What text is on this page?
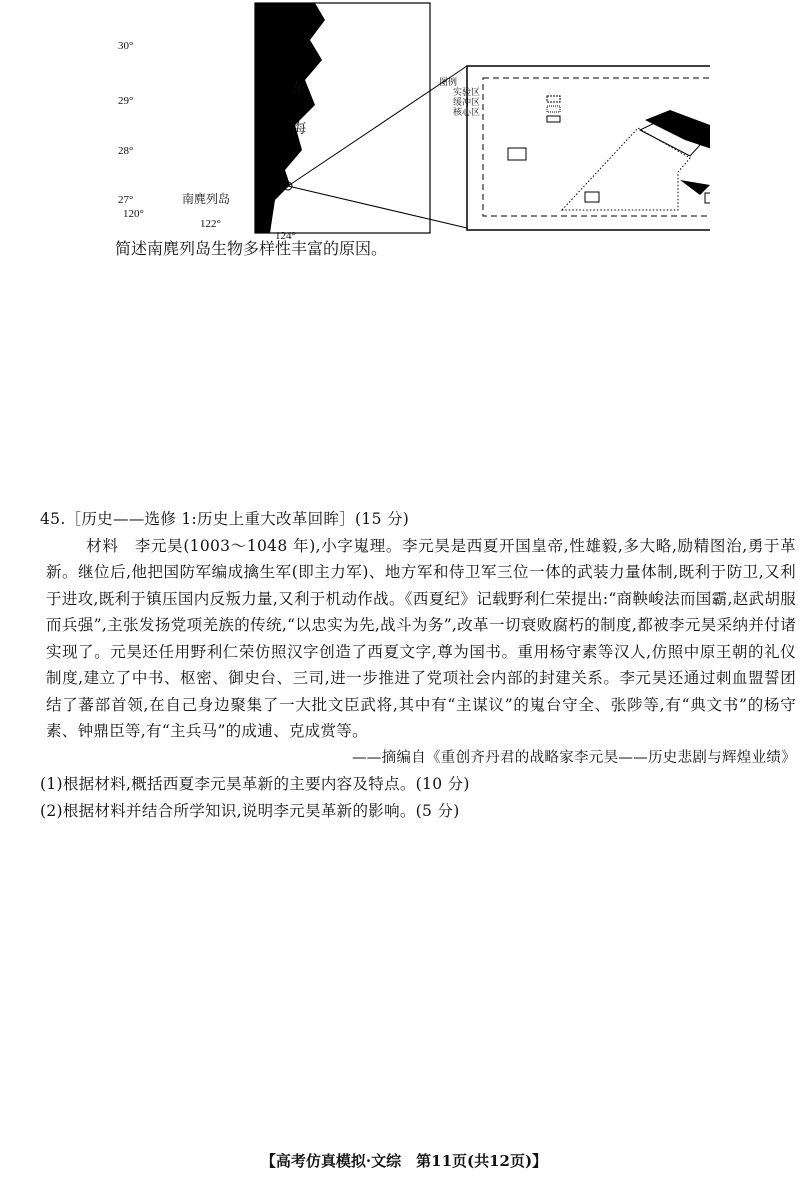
30°
29°
28°
27°
120°
122°
124°
东
海
南麂列岛
图例
实验区
缓冲区
核心区
简述南麂列岛生物多样性丰富的原因。

45.［历史——选修 1:历史上重大改革回眸］(15 分)

材料　 李元昊(1003～1048 年),小字嵬理。李元昊是西夏开国皇帝,性雄毅,多大略,励精图治,勇于革新。继位后,他把国防军编成擒生军(即主力军)、地方军和侍卫军三位一体的武装力量体制,既利于防卫,又利于进攻,既利于镇压国内反叛力量,又利于机动作战。《西夏纪》记载野利仁荣提出:“商鞅峻法而国霸,赵武胡服而兵强”,主张发扬党项羌族的传统,“以忠实为先,战斗为务”,改革一切衰败腐朽的制度,都被李元昊采纳并付诸实现了。元昊还任用野利仁荣仿照汉字创造了西夏文字,尊为国书。重用杨守素等汉人,仿照中原王朝的礼仪制度,建立了中书、枢密、御史台、三司,进一步推进了党项社会内部的封建关系。李元昊还通过刺血盟誓团结了蕃部首领,在自己身边聚集了一大批文臣武将,其中有“主谋议”的嵬台守全、张陟等,有“典文书”的杨守素、钟鼎臣等,有“主兵马”的成逋、克成赏等。

——摘编自《重创齐丹君的战略家李元昊——历史悲剧与辉煌业绩》

(1)根据材料,概括西夏李元昊革新的主要内容及特点。(10 分)

(2)根据材料并结合所学知识,说明李元昊革新的影响。(5 分)

【高考仿真模拟·文综　第11页(共12页)】
